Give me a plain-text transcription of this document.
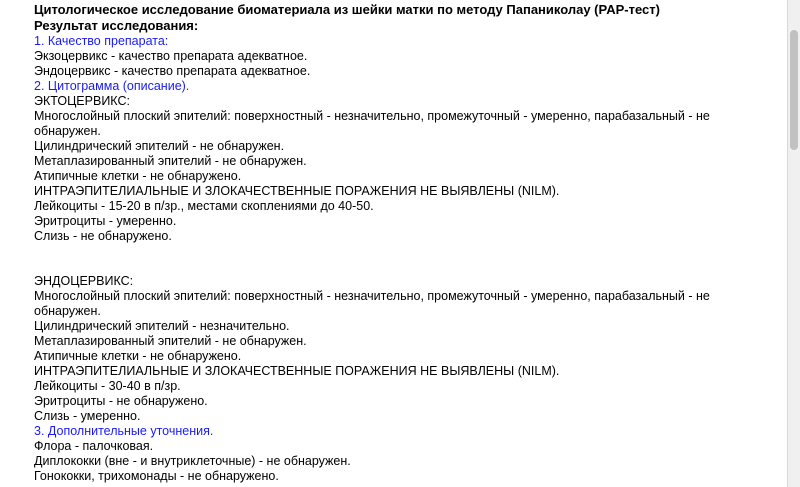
Цитологическое исследование биоматериала из шейки матки по методу Папаниколау (PAP-тест)
Результат исследования:
1. Качество препарата:
Экзоцервикс - качество препарата адекватное.
Эндоцервикс - качество препарата адекватное.
2. Цитограмма (описание).
ЭКТОЦЕРВИКС:
Многослойный плоский эпителий: поверхностный - незначительно, промежуточный - умеренно, парабазальный - не обнаружен.
Цилиндрический эпителий - не обнаружен.
Метаплазированный эпителий - не обнаружен.
Атипичные клетки - не обнаружено.
ИНТРАЭПИТЕЛИАЛЬНЫЕ И ЗЛОКАЧЕСТВЕННЫЕ ПОРАЖЕНИЯ НЕ ВЫЯВЛЕНЫ (NILM).
Лейкоциты - 15-20 в п/зр., местами скоплениями до 40-50.
Эритроциты - умеренно.
Слизь - не обнаружено.
ЭНДОЦЕРВИКС:
Многослойный плоский эпителий: поверхностный - незначительно, промежуточный - умеренно, парабазальный - не обнаружен.
Цилиндрический эпителий - незначительно.
Метаплазированный эпителий - не обнаружен.
Атипичные клетки - не обнаружено.
ИНТРАЭПИТЕЛИАЛЬНЫЕ И ЗЛОКАЧЕСТВЕННЫЕ ПОРАЖЕНИЯ НЕ ВЫЯВЛЕНЫ (NILM).
Лейкоциты - 30-40 в п/зр.
Эритроциты - не обнаружено.
Слизь - умеренно.
3. Дополнительные уточнения.
Флора - палочковая.
Диплококки (вне - и внутриклеточные) - не обнаружен.
Гонококки, трихомонады - не обнаружено.
